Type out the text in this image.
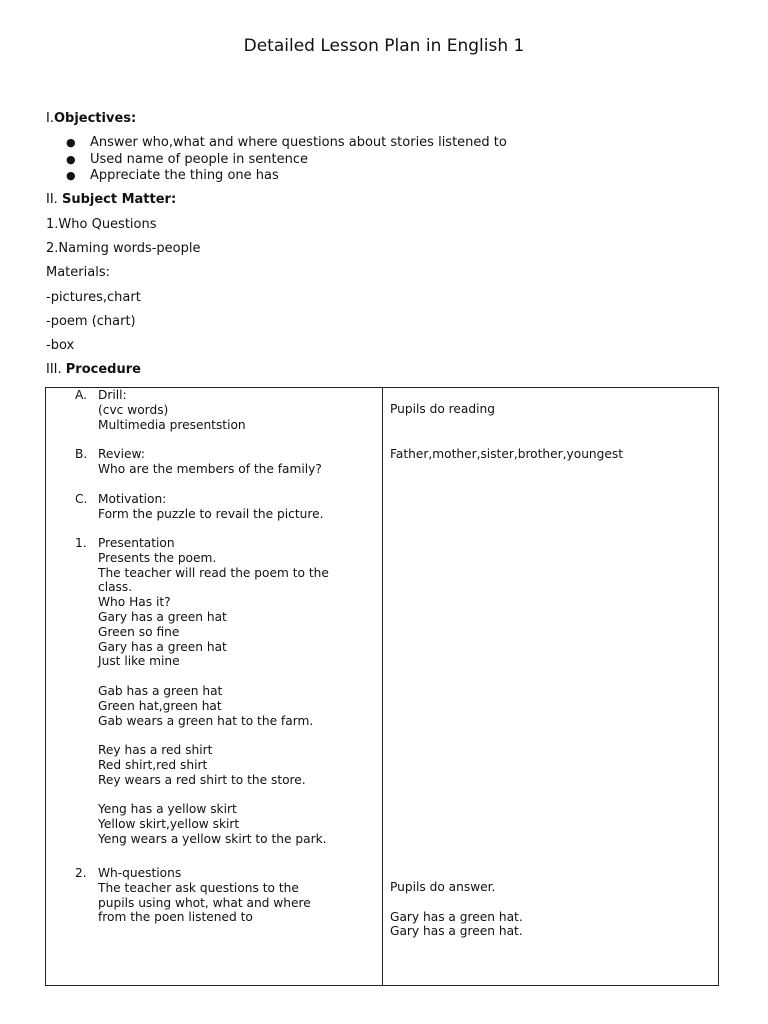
Detailed Lesson Plan in English 1
I.Objectives:
● Answer who,what and where questions about stories listened to
● Used name of people in sentence
● Appreciate the thing one has
II. Subject Matter:
1.Who Questions
2.Naming words-people
Materials:
-pictures,chart
-poem (chart)
-box
III. Procedure
A. Drill:
(cvc words)
Multimedia presentstion
B. Review:
Who are the members of the family?
C. Motivation:
Form the puzzle to revail the picture.
1. Presentation
Presents the poem.
The teacher will read the poem to the
class.
Who Has it?
Gary has a green hat
Green so fine
Gary has a green hat
Just like mine
Gab has a green hat
Green hat,green hat
Gab wears a green hat to the farm.
Rey has a red shirt
Red shirt,red shirt
Rey wears a red shirt to the store.
Yeng has a yellow skirt
Yellow skirt,yellow skirt
Yeng wears a yellow skirt to the park.
2. Wh-questions
The teacher ask questions to the
pupils using whot, what and where
from the poen listened to
Pupils do reading
Father,mother,sister,brother,youngest
Pupils do answer.
Gary has a green hat.
Gary has a green hat.
